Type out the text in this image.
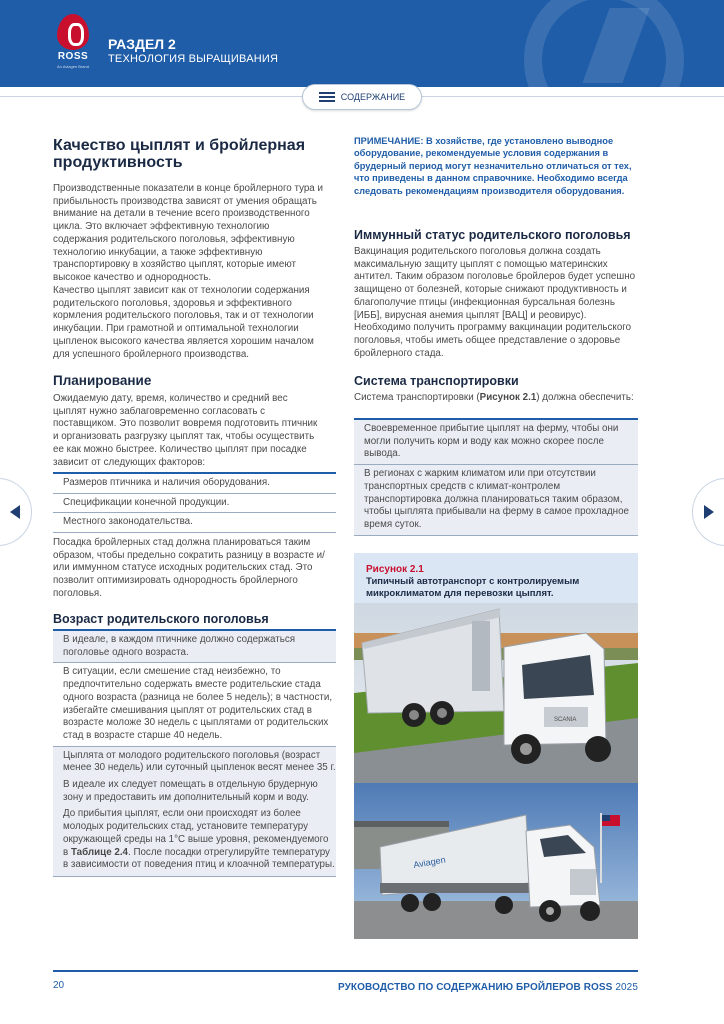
ROSS
An Aviagen Brand
РАЗДЕЛ 2
ТЕХНОЛОГИЯ ВЫРАЩИВАНИЯ
СОДЕРЖАНИЕ
Качество цыплят и бройлерная продуктивность
Производственные показатели в конце бройлерного тура и прибыльность производства зависят от умения обращать внимание на детали в течение всего производственного цикла. Это включает эффективную технологию содержания родительского поголовья, эффективную технологию инкубации, а также эффективную транспортировку в хозяйство цыплят, которые имеют высокое качество и однородность.
Качество цыплят зависит как от технологии содержания родительского поголовья, здоровья и эффективного кормления родительского поголовья, так и от технологии инкубации. При грамотной и оптимальной технологии цыпленок высокого качества является хорошим началом для успешного бройлерного производства.
Планирование
Ожидаемую дату, время, количество и средний вес цыплят нужно заблаговременно согласовать с поставщиком. Это позволит вовремя подготовить птичник и организовать разгрузку цыплят так, чтобы осуществить ее как можно быстрее. Количество цыплят при посадке зависит от следующих факторов:
Размеров птичника и наличия оборудования.
Спецификации конечной продукции.
Местного законодательства.
Посадка бройлерных стад должна планироваться таким образом, чтобы предельно сократить разницу в возрасте и/или иммунном статусе исходных родительских стад. Это позволит оптимизировать однородность бройлерного поголовья.
Возраст родительского поголовья
В идеале, в каждом птичнике должно содержаться поголовье одного возраста.
В ситуации, если смешение стад неизбежно, то предпочтительно содержать вместе родительские стада одного возраста (разница не более 5 недель); в частности, избегайте смешивания цыплят от родительских стад в возрасте моложе 30 недель с цыплятами от родительских стад в возрасте старше 40 недель.
Цыплята от молодого родительского поголовья (возраст менее 30 недель) или суточный цыпленок весят менее 35 г.
В идеале их следует помещать в отдельную брудерную зону и предоставить им дополнительный корм и воду.
До прибытия цыплят, если они происходят из более молодых родительских стад, установите температуру окружающей среды на 1°C выше уровня, рекомендуемого в Таблице 2.4. После посадки отрегулируйте температуру в зависимости от поведения птиц и клоачной температуры.
ПРИМЕЧАНИЕ: В хозяйстве, где установлено выводное оборудование, рекомендуемые условия содержания в брудерный период могут незначительно отличаться от тех, что приведены в данном справочнике. Необходимо всегда следовать рекомендациям производителя оборудования.
Иммунный статус родительского поголовья
Вакцинация родительского поголовья должна создать максимальную защиту цыплят с помощью материнских антител. Таким образом поголовье бройлеров будет успешно защищено от болезней, которые снижают продуктивность и благополучие птицы (инфекционная бурсальная болезнь [ИББ], вирусная анемия цыплят [ВАЦ] и реовирус). Необходимо получить программу вакцинации родительского поголовья, чтобы иметь общее представление о здоровье бройлерного стада.
Система транспортировки
Система транспортировки (Рисунок 2.1) должна обеспечить:
Своевременное прибытие цыплят на ферму, чтобы они могли получить корм и воду как можно скорее после вывода.
В регионах с жарким климатом или при отсутствии транспортных средств с климат-контролем транспортировка должна планироваться таким образом, чтобы цыплята прибывали на ферму в самое прохладное время суток.
Рисунок 2.1
Типичный автотранспорт с контролируемым микроклиматом для перевозки цыплят.
SCANIA
Aviagen
20	РУКОВОДСТВО ПО СОДЕРЖАНИЮ БРОЙЛЕРОВ ROSS 2025
